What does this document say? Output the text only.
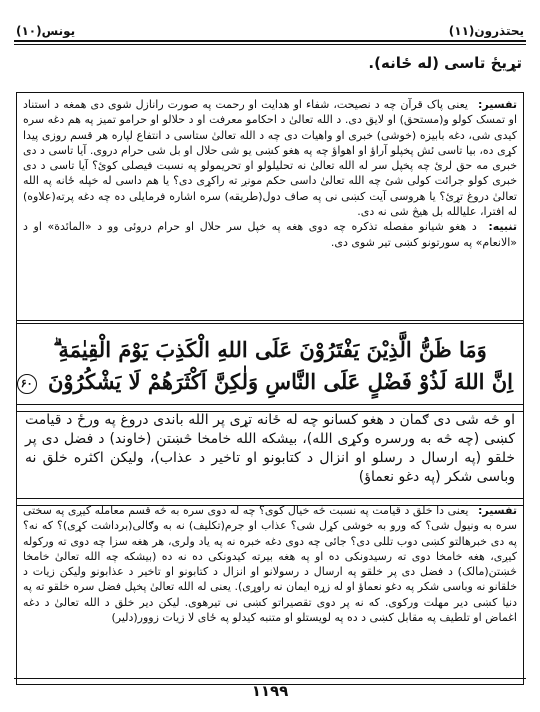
یحتذرون(۱۱)
یونس(۱۰)
تړیځ تاسی (له ځانه).

تفسیر: یعنی پاک قرآن چه د نصیحت، شفاء او هدایت او رحمت په صورت رانازل شوی دی همغه د استناد او تمسک کولو و(مستحق) او لایق دی. د الله تعالیٰ د احکامو معرفت او د حلالو او حرامو تمیز په هم دغه سره کیدی شی، دغه بابیزه (خوشی) خبری او واهیات دی چه د الله تعالیٰ ستاسی د انتفاع لپاره هر قسم روزی پیدا کړی ده، بیا تاسی ئش پخپلو آراؤ او اهواؤ چه په هغو کښی یو شی حلال او بل شی حرام دروی. آیا تاسی د دی خبری مه حق لرئ چه پخپل سر له الله تعالیٰ نه تحلیلولو او تحریمولو په نسبت فیصلی کوئ؟ آیا تاسی د دی خبری کولو جرائت کولی شئ چه الله تعالیٰ داسی حکم مونږ ته راکړی دی؟ یا هم داسی له خپله ځانه په الله تعالیٰ دروغ تړئ؟ یا هروسی آیت کښی نی په صاف دول(طریقه) سره اشاره فرمایلی ده چه دغه پرته(علاوه) له افترا، علیالله بل هیڅ شی نه دی.

تنبیه: د هغو شیانو مفصله تذکره چه دوی هغه په خپل سر حلال او حرام دروئی وو د «المائدة» او د «الانعام» په سورتونو کښی تیر شوی دی.

وَمَا ظَنُّ الَّذِيْنَ يَفْتَرُوْنَ عَلَى اللهِ الْكَذِبَ يَوْمَ الْقِيٰمَةِ ۗ
اِنَّ اللهَ لَذُوْ فَضْلٍ عَلَى النَّاسِ وَلٰكِنَّ اَكْثَرَهُمْ لَا يَشْكُرُوْنَ ۶۰

او څه شی دی ګمان د هغو کسانو چه له ځانه تړی پر الله باندی دروغ په ورځ د قیامت کښی (چه څه به ورسره وکړی الله)، بیشکه الله خامخا څښتن (خاوند) د فضل دی پر خلقو (په ارسال د رسلو او انزال د کتابونو او تاخیر د عذاب)، ولیکن اکثره خلق نه وباسی شکر (په دغو نعماؤ)

تفسیر: یعنی دا خلق د قیامت په نسبت څه خیال کوی؟ چه له دوی سره به څه قسم معامله کیږی په سختی سره به ونیول شی؟ که ورو به خوشی کړل شی؟ عذاب او جرم(تکلیف) نه به وګالی(برداشت کړی)؟ که نه؟ په دی خبرهالتو کښی دوب تللی دی؟ جائی چه دوی دغه خبره نه په یاد ولری، هر هغه سزا چه دوی ته ورکوله کیږی، هغه خامخا دوی ته رسیدونکی ده او په هغه بیرته کیدونکی ده نه ده (بیشکه چه الله تعالیٰ خامخا څښتن(مالک) د فضل دی پر خلقو په ارسال د رسولانو او انزال د کتابونو او تاخیر د عذابونو ولیکن زیات د خلقانو نه وباسی شکر په دغو نعماؤ او له زړه ایمان نه راوړی). یعنی له الله تعالیٰ پخپل فضل سره خلقو ته په دنیا کښی دیر مهلت ورکوی. که نه پر دوی تقصیراتو کښی نی تیرهوی. لیکن دیر خلق د الله تعالیٰ د دغه اغماض او تلطیف په مقابل کښی د ده په لویستلو او متنبه کیدلو په ځای لا زیات زوور(دلیر)

۱۱۹۹
